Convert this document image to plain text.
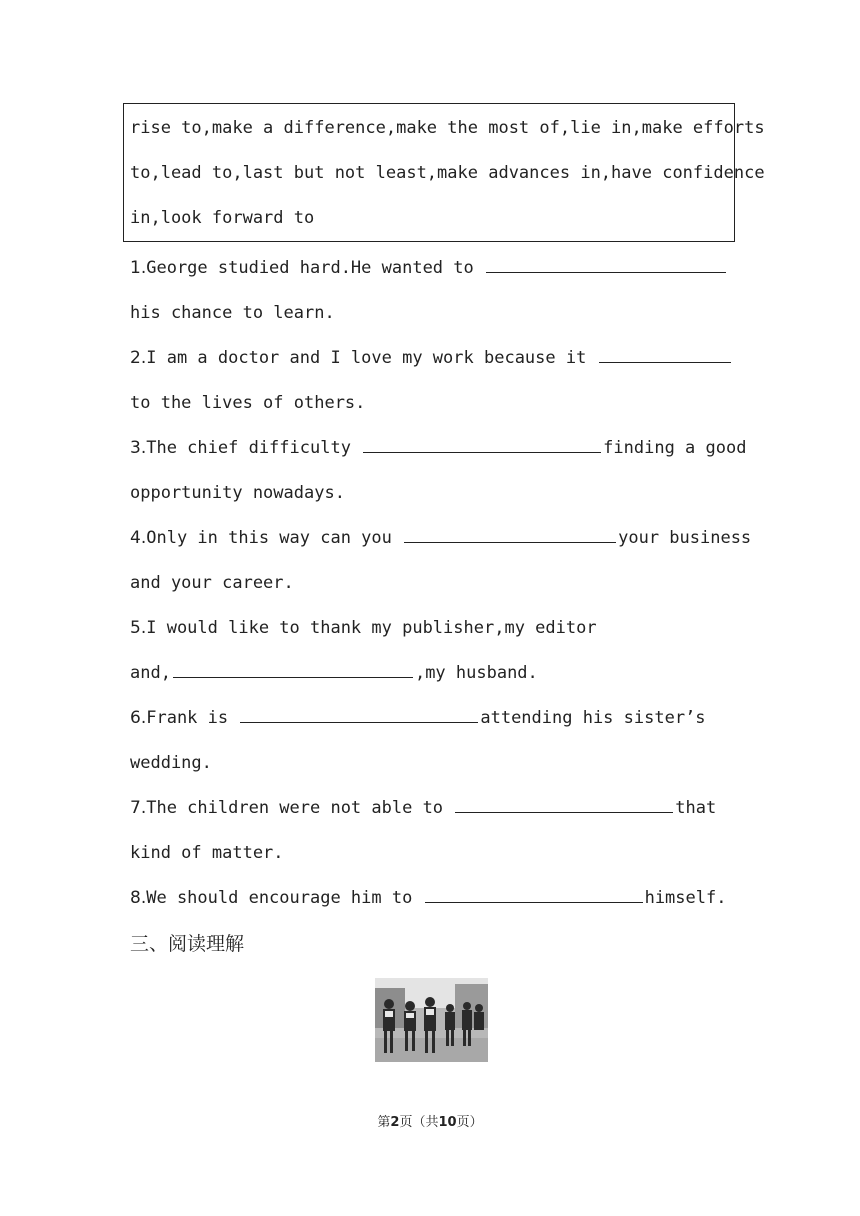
rise to,make a difference,make the most of,lie in,make efforts
to,lead to,last but not least,make advances in,have confidence
in,look forward to
1.George studied hard.He wanted to
his chance to learn.
2.I am a doctor and I love my work because it
to the lives of others.
3.The chief difficulty	finding a good
opportunity nowadays.
4.Only in this way can you	your business
and your career.
5.I would like to thank my publisher,my editor
and,	,my husband.
6.Frank is	attending his sister’s
wedding.
7.The children were not able to	that
kind of matter.
8.We should encourage him to	himself.
三、阅读理解
第2页（共10页）
